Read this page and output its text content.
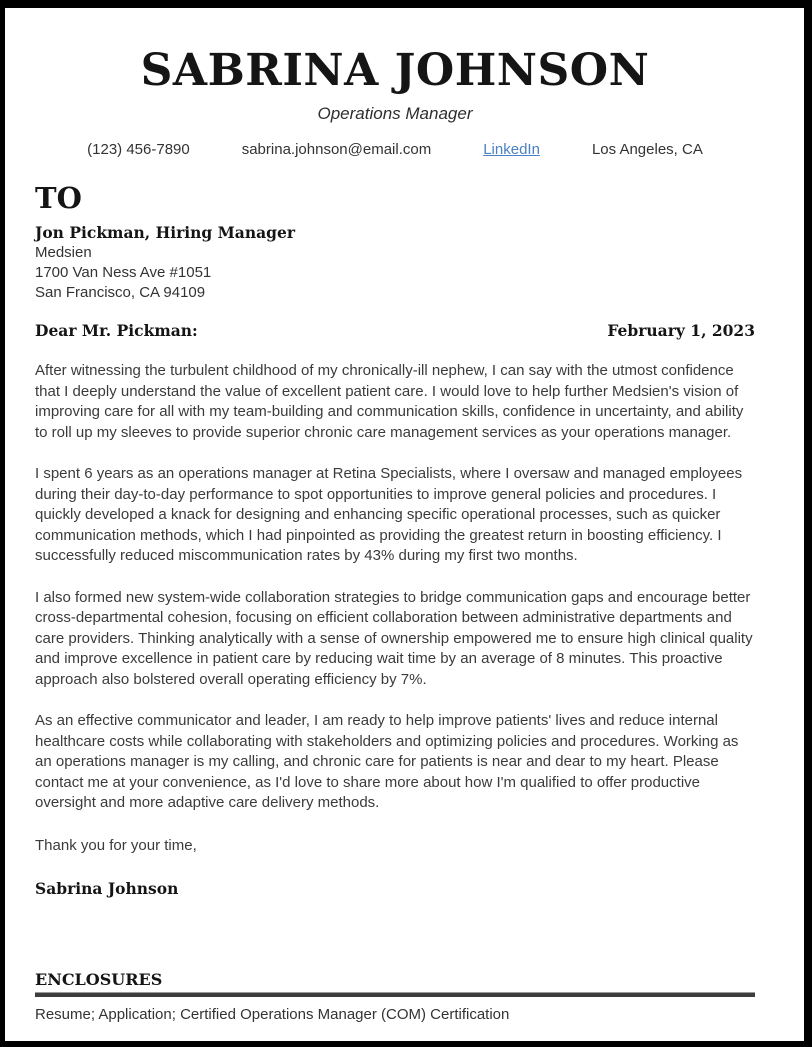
SABRINA JOHNSON
Operations Manager
(123) 456-7890	sabrina.johnson@email.com	LinkedIn	Los Angeles, CA
TO
Jon Pickman, Hiring Manager
Medsien
1700 Van Ness Ave #1051
San Francisco, CA 94109
Dear Mr. Pickman:	February 1, 2023

After witnessing the turbulent childhood of my chronically-ill nephew, I can say with the utmost confidence that I deeply understand the value of excellent patient care. I would love to help further Medsien's vision of improving care for all with my team-building and communication skills, confidence in uncertainty, and ability to roll up my sleeves to provide superior chronic care management services as your operations manager.

I spent 6 years as an operations manager at Retina Specialists, where I oversaw and managed employees during their day-to-day performance to spot opportunities to improve general policies and procedures. I quickly developed a knack for designing and enhancing specific operational processes, such as quicker communication methods, which I had pinpointed as providing the greatest return in boosting efficiency. I successfully reduced miscommunication rates by 43% during my first two months.

I also formed new system-wide collaboration strategies to bridge communication gaps and encourage better cross-departmental cohesion, focusing on efficient collaboration between administrative departments and care providers. Thinking analytically with a sense of ownership empowered me to ensure high clinical quality and improve excellence in patient care by reducing wait time by an average of 8 minutes. This proactive approach also bolstered overall operating efficiency by 7%.

As an effective communicator and leader, I am ready to help improve patients' lives and reduce internal healthcare costs while collaborating with stakeholders and optimizing policies and procedures. Working as an operations manager is my calling, and chronic care for patients is near and dear to my heart. Please contact me at your convenience, as I'd love to share more about how I'm qualified to offer productive oversight and more adaptive care delivery methods.

Thank you for your time,
Sabrina Johnson
ENCLOSURES
Resume; Application; Certified Operations Manager (COM) Certification
